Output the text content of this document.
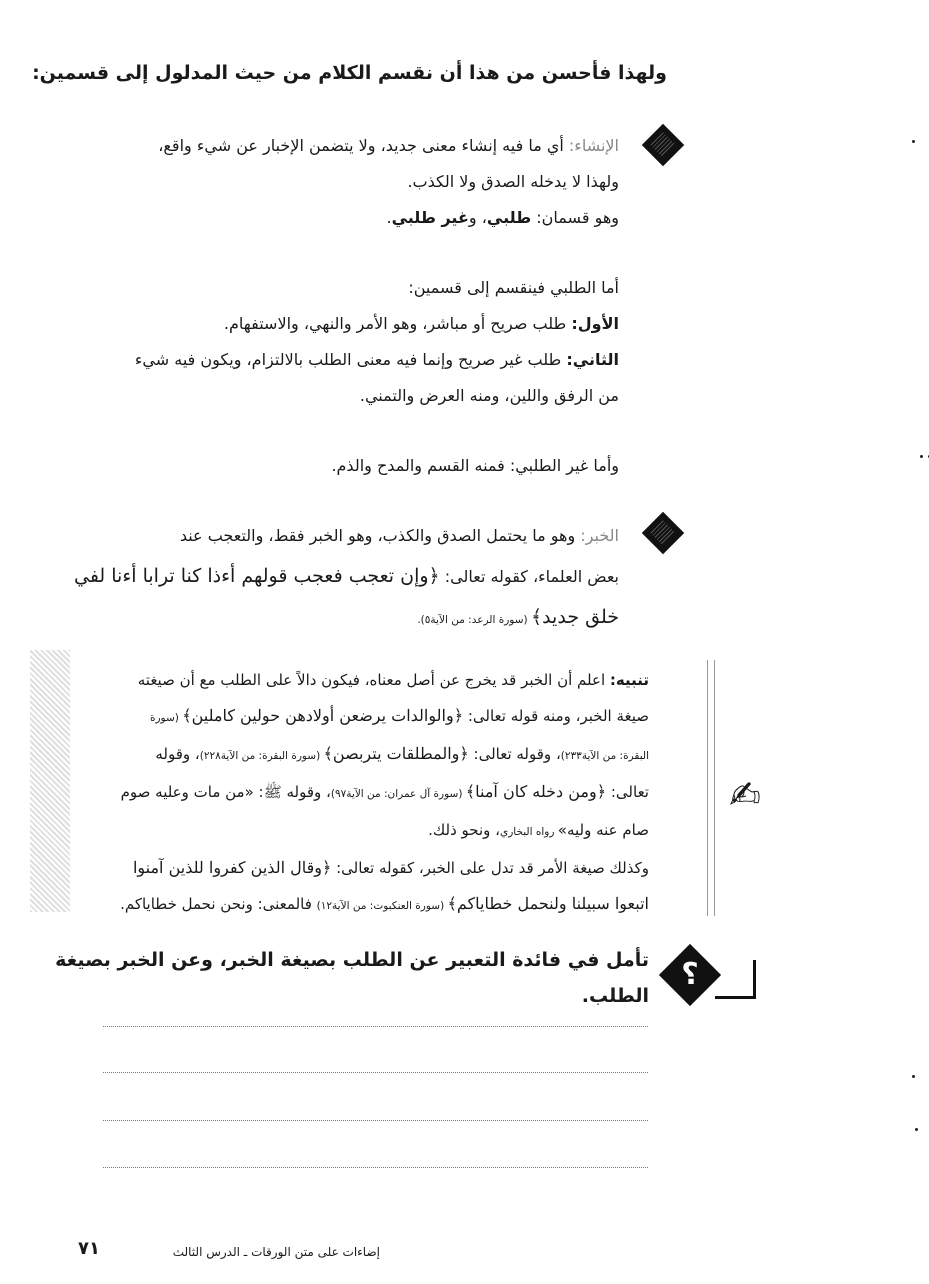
ولهذا فأحسن من هذا أن نقسم الكلام من حيث المدلول إلى قسمين:

الإنشاء: أي ما فيه إنشاء معنى جديد، ولا يتضمن الإخبار عن شيء واقع،

ولهذا لا يدخله الصدق ولا الكذب.

وهو قسمان: طلبي، وغير طلبي.

أما الطلبي فينقسم إلى قسمين:

الأول: طلب صريح أو مباشر، وهو الأمر والنهي، والاستفهام.

الثاني: طلب غير صريح وإنما فيه معنى الطلب بالالتزام، ويكون فيه شيء

من الرفق واللين، ومنه العرض والتمني.

وأما غير الطلبي: فمنه القسم والمدح والذم.

الخبر: وهو ما يحتمل الصدق والكذب، وهو الخبر فقط، والتعجب عند

بعض العلماء، كقوله تعالى: ﴿وإن تعجب فعجب قولهم أءذا كنا ترابا أءنا لفي

خلق جديد﴾ (سورة الرعد: من الآية٥).

✍

تنبيه: اعلم أن الخبر قد يخرج عن أصل معناه، فيكون دالاً على الطلب مع أن صيغته

صيغة الخبر، ومنه قوله تعالى: ﴿والوالدات يرضعن أولادهن حولين كاملين﴾ (سورة

البقرة: من الآية٢٣٣)، وقوله تعالى: ﴿والمطلقات يتربصن﴾ (سورة البقرة: من الآية٢٢٨)، وقوله

تعالى: ﴿ومن دخله كان آمنا﴾ (سورة آل عمران: من الآية٩٧)، وقوله ﷺ: «من مات وعليه صوم

صام عنه وليه» رواه البخاري، ونحو ذلك.

وكذلك صيغة الأمر قد تدل على الخبر، كقوله تعالى: ﴿وقال الذين كفروا للذين آمنوا

اتبعوا سبيلنا ولنحمل خطاياكم﴾ (سورة العنكبوت: من الآية١٢) فالمعنى: ونحن نحمل خطاياكم.

؟

تأمل في فائدة التعبير عن الطلب بصيغة الخبر، وعن الخبر بصيغة

الطلب.

٧١	إضاءات على متن الورقات ـ الدرس الثالث
